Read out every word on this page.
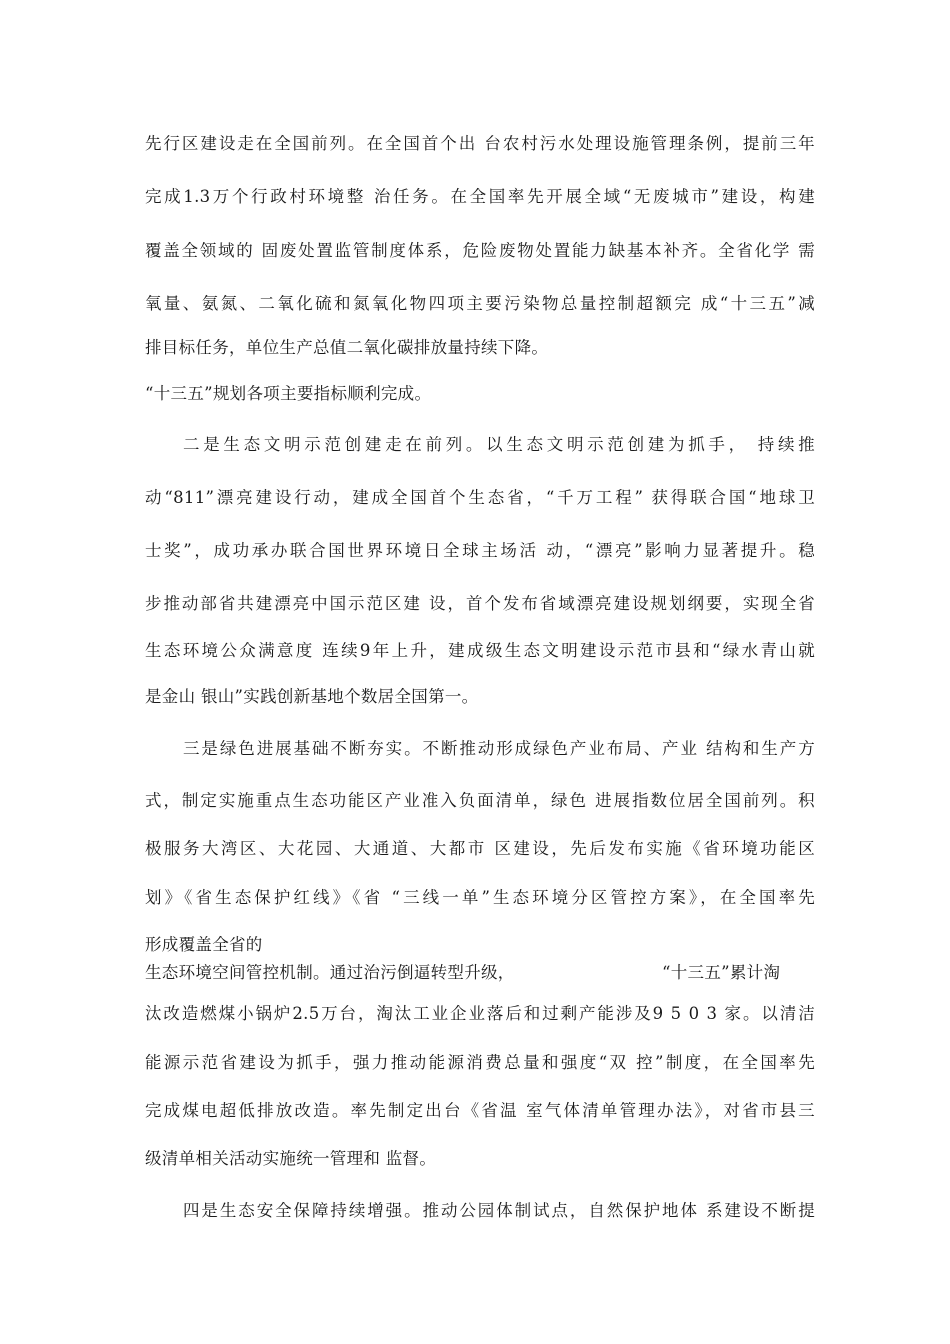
先行区建设走在全国前列。在全国首个出 台农村污水处理设施管理条例，提前三年
完成1.3万个行政村环境整 治任务。在全国率先开展全域“无废城市”建设，构建
覆盖全领域的 固废处置监管制度体系，危险废物处置能力缺基本补齐。全省化学 需
氧量、氨氮、二氧化硫和氮氧化物四项主要污染物总量控制超额完 成“十三五”减
排目标任务，单位生产总值二氧化碳排放量持续下降。
“十三五”规划各项主要指标顺利完成。
二是生态文明示范创建走在前列。以生态文明示范创建为抓手， 持续推
动“811”漂亮建设行动，建成全国首个生态省，“千万工程” 获得联合国“地球卫
士奖”，成功承办联合国世界环境日全球主场活 动，“漂亮”影响力显著提升。稳
步推动部省共建漂亮中国示范区建 设，首个发布省域漂亮建设规划纲要，实现全省
生态环境公众满意度 连续9年上升，建成级生态文明建设示范市县和“绿水青山就
是金山 银山”实践创新基地个数居全国第一。
三是绿色进展基础不断夯实。不断推动形成绿色产业布局、产业 结构和生产方
式，制定实施重点生态功能区产业准入负面清单，绿色 进展指数位居全国前列。积
极服务大湾区、大花园、大通道、大都市 区建设，先后发布实施《省环境功能区
划》《省生态保护红线》《省 “三线一单”生态环境分区管控方案》，在全国率先
形成覆盖全省的
生态环境空间管控机制。通过治污倒逼转型升级，	“十三五”累计淘
汰改造燃煤小锅炉2.5万台，淘汰工业企业落后和过剩产能涉及9 5 0 3 家。以清洁
能源示范省建设为抓手，强力推动能源消费总量和强度“双 控”制度，在全国率先
完成煤电超低排放改造。率先制定出台《省温 室气体清单管理办法》，对省市县三
级清单相关活动实施统一管理和 监督。
四是生态安全保障持续增强。推动公园体制试点，自然保护地体 系建设不断提
